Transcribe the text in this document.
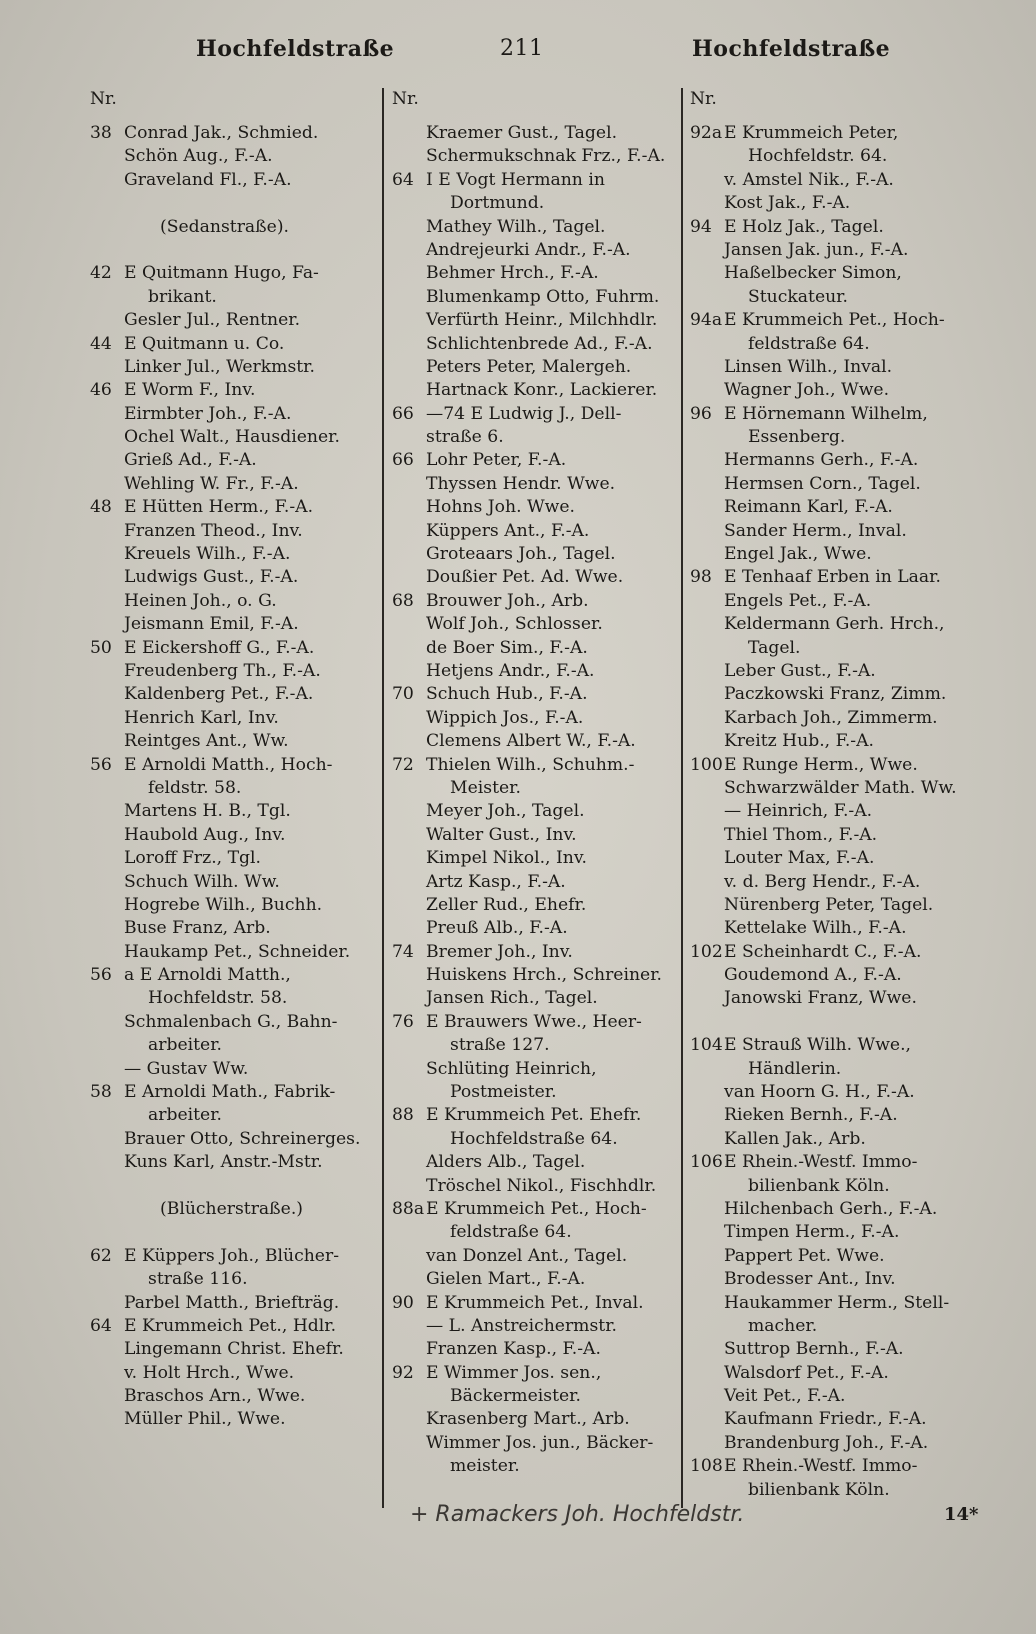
Hochfeldstraße	211	Hochfeldstraße
Nr.
38 Conrad Jak., Schmied.
Schön Aug., F.-A.
Graveland Fl., F.-A.
(Sedanstraße).
42 E Quitmann Hugo, Fa-
brikant.
Gesler Jul., Rentner.
44 E Quitmann u. Co.
Linker Jul., Werkmstr.
46 E Worm F., Inv.
Eirmbter Joh., F.-A.
Ochel Walt., Hausdiener.
Grieß Ad., F.-A.
Wehling W. Fr., F.-A.
48 E Hütten Herm., F.-A.
Franzen Theod., Inv.
Kreuels Wilh., F.-A.
Ludwigs Gust., F.-A.
Heinen Joh., o. G.
Jeismann Emil, F.-A.
50 E Eickershoff G., F.-A.
Freudenberg Th., F.-A.
Kaldenberg Pet., F.-A.
Henrich Karl, Inv.
Reintges Ant., Ww.
56 E Arnoldi Matth., Hoch-
feldstr. 58.
Martens H. B., Tgl.
Haubold Aug., Inv.
Loroff Frz., Tgl.
Schuch Wilh. Ww.
Hogrebe Wilh., Buchh.
Buse Franz, Arb.
Haukamp Pet., Schneider.
56 a E Arnoldi Matth.,
Hochfeldstr. 58.
Schmalenbach G., Bahn-
arbeiter.
— Gustav Ww.
58 E Arnoldi Math., Fabrik-
arbeiter.
Brauer Otto, Schreinerges.
Kuns Karl, Anstr.-Mstr.
(Blücherstraße.)
62 E Küppers Joh., Blücher-
straße 116.
Parbel Matth., Briefträg.
64 E Krummeich Pet., Hdlr.
Lingemann Christ. Ehefr.
v. Holt Hrch., Wwe.
Braschos Arn., Wwe.
Müller Phil., Wwe.
Nr.
Kraemer Gust., Tagel.
Schermukschnak Frz., F.-A.
64 I E Vogt Hermann in
Dortmund.
Mathey Wilh., Tagel.
Andrejeurki Andr., F.-A.
Behmer Hrch., F.-A.
Blumenkamp Otto, Fuhrm.
Verfürth Heinr., Milchhdlr.
Schlichtenbrede Ad., F.-A.
Peters Peter, Malergeh.
Hartnack Konr., Lackierer.
66 —74 E Ludwig J., Dell-
straße 6.
66 Lohr Peter, F.-A.
Thyssen Hendr. Wwe.
Hohns Joh. Wwe.
Küppers Ant., F.-A.
Groteaars Joh., Tagel.
Doußier Pet. Ad. Wwe.
68 Brouwer Joh., Arb.
Wolf Joh., Schlosser.
de Boer Sim., F.-A.
Hetjens Andr., F.-A.
70 Schuch Hub., F.-A.
Wippich Jos., F.-A.
Clemens Albert W., F.-A.
72 Thielen Wilh., Schuhm.-
Meister.
Meyer Joh., Tagel.
Walter Gust., Inv.
Kimpel Nikol., Inv.
Artz Kasp., F.-A.
Zeller Rud., Ehefr.
Preuß Alb., F.-A.
74 Bremer Joh., Inv.
Huiskens Hrch., Schreiner.
Jansen Rich., Tagel.
76 E Brauwers Wwe., Heer-
straße 127.
Schlüting Heinrich,
Postmeister.
88 E Krummeich Pet. Ehefr.
Hochfeldstraße 64.
Alders Alb., Tagel.
Tröschel Nikol., Fischhdlr.
88a E Krummeich Pet., Hoch-
feldstraße 64.
van Donzel Ant., Tagel.
Gielen Mart., F.-A.
90 E Krummeich Pet., Inval.
— L. Anstreichermstr.
Franzen Kasp., F.-A.
92 E Wimmer Jos. sen.,
Bäckermeister.
Krasenberg Mart., Arb.
Wimmer Jos. jun., Bäcker-
meister.
Nr.
92a E Krummeich Peter,
Hochfeldstr. 64.
v. Amstel Nik., F.-A.
Kost Jak., F.-A.
94 E Holz Jak., Tagel.
Jansen Jak. jun., F.-A.
Haßelbecker Simon,
Stuckateur.
94a E Krummeich Pet., Hoch-
feldstraße 64.
Linsen Wilh., Inval.
Wagner Joh., Wwe.
96 E Hörnemann Wilhelm,
Essenberg.
Hermanns Gerh., F.-A.
Hermsen Corn., Tagel.
Reimann Karl, F.-A.
Sander Herm., Inval.
Engel Jak., Wwe.
98 E Tenhaaf Erben in Laar.
Engels Pet., F.-A.
Keldermann Gerh. Hrch.,
Tagel.
Leber Gust., F.-A.
Paczkowski Franz, Zimm.
Karbach Joh., Zimmerm.
Kreitz Hub., F.-A.
100E Runge Herm., Wwe.
Schwarzwälder Math. Ww.
— Heinrich, F.-A.
Thiel Thom., F.-A.
Louter Max, F.-A.
v. d. Berg Hendr., F.-A.
Nürenberg Peter, Tagel.
Kettelake Wilh., F.-A.
102E Scheinhardt C., F.-A.
Goudemond A., F.-A.
Janowski Franz, Wwe.
104E Strauß Wilh. Wwe.,
Händlerin.
van Hoorn G. H., F.-A.
Rieken Bernh., F.-A.
Kallen Jak., Arb.
106E Rhein.-Westf. Immo-
bilienbank Köln.
Hilchenbach Gerh., F.-A.
Timpen Herm., F.-A.
Pappert Pet. Wwe.
Brodesser Ant., Inv.
Haukammer Herm., Stell-
macher.
Suttrop Bernh., F.-A.
Walsdorf Pet., F.-A.
Veit Pet., F.-A.
Kaufmann Friedr., F.-A.
Brandenburg Joh., F.-A.
108E Rhein.-Westf. Immo-
bilienbank Köln.
+ Ramackers Joh. Hochfeldstr.	14*
